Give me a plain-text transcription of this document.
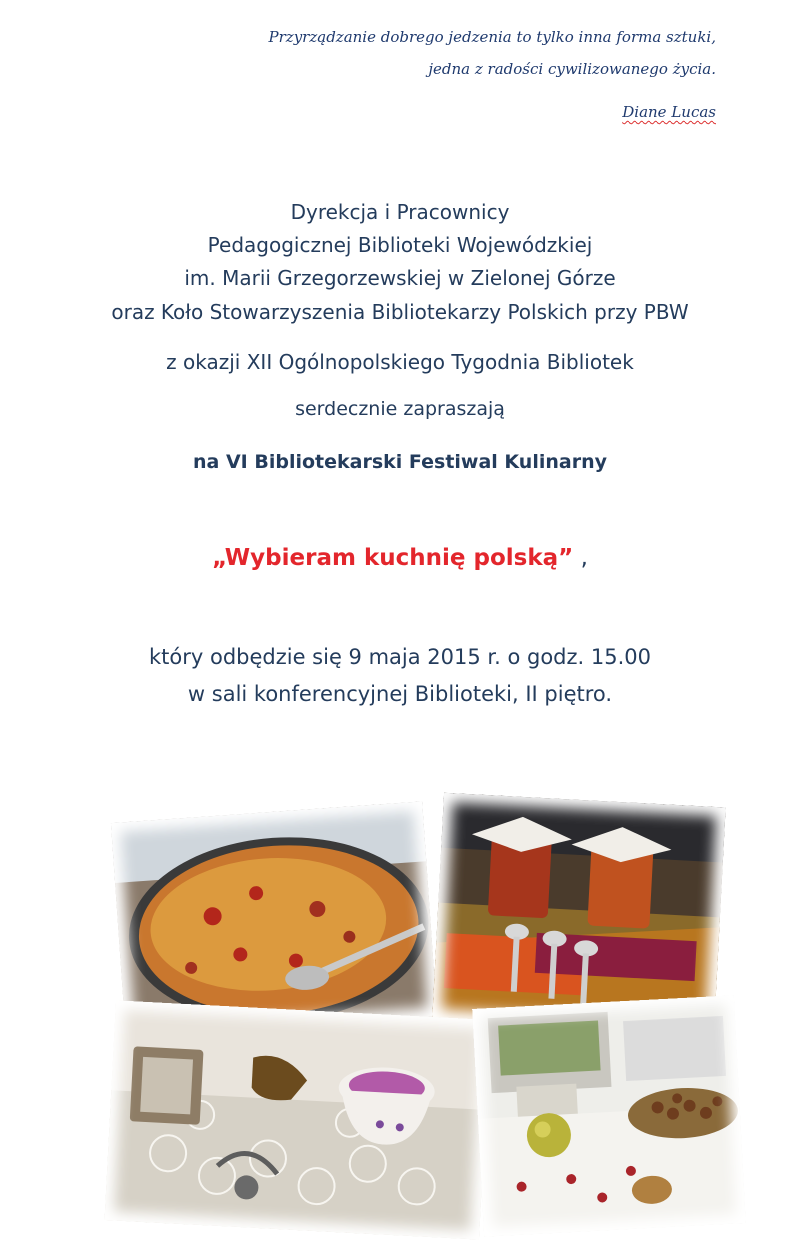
Przyrządzanie dobrego jedzenia to tylko inna forma sztuki,
jedna z radości cywilizowanego życia.
Diane Lucas
Dyrekcja i Pracownicy
Pedagogicznej Biblioteki Wojewódzkiej
im. Marii Grzegorzewskiej w Zielonej Górze
oraz Koło Stowarzyszenia Bibliotekarzy Polskich przy PBW
z okazji XII Ogólnopolskiego Tygodnia Bibliotek
serdecznie zapraszają
na VI Bibliotekarski Festiwal Kulinarny
„Wybieram kuchnię polską” ,
który odbędzie się 9 maja 2015 r. o godz. 15.00
w sali konferencyjnej Biblioteki, II piętro.
